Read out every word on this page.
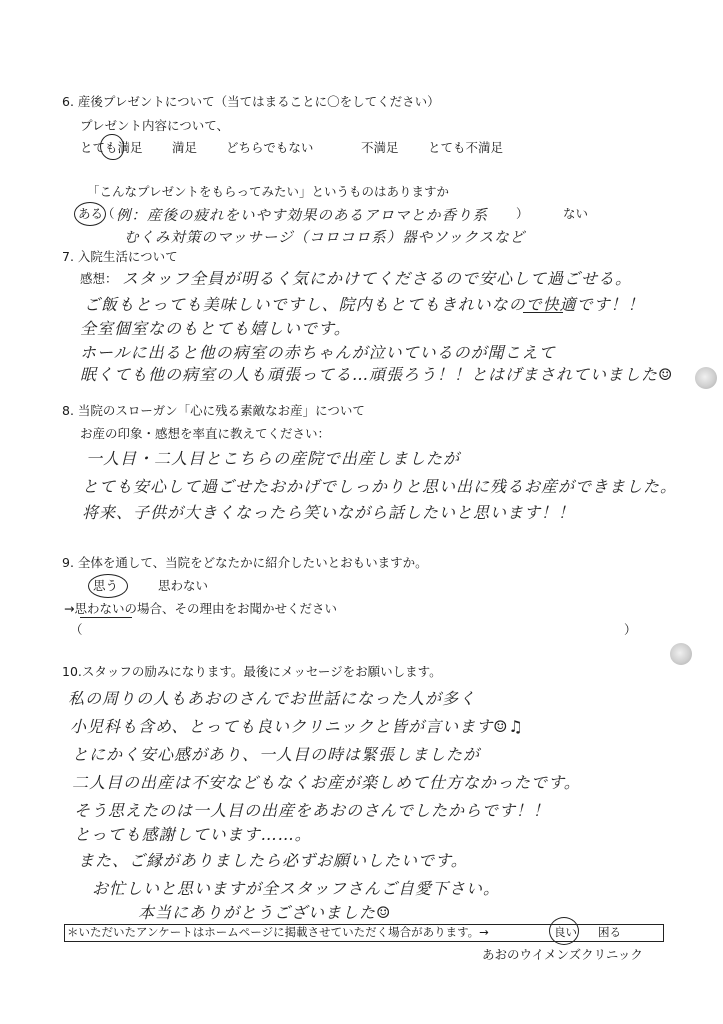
6. 産後プレゼントについて（当てはまることに〇をしてください）
プレゼント内容について、
とても満足 満足 どちらでもない	不満足 とても不満足
「こんなプレゼントをもらってみたい」というものはありますか
ある
（ 例：産後の疲れをいやす効果のあるアロマとか香り系
むくみ対策のマッサージ（コロコロ系）器やソックスなど
）	ない
7. 入院生活について
感想： スタッフ全員が明るく気にかけてくださるので安心して過ごせる。
ご飯もとっても美味しいですし、院内もとてもきれいなので快適です！！
全室個室なのもとても嬉しいです。
ホールに出ると他の病室の赤ちゃんが泣いているのが聞こえて
眠くても他の病室の人も頑張ってる…頑張ろう！！とはげまされていました☺
8. 当院のスローガン「心に残る素敵なお産」について
お産の印象・感想を率直に教えてください：
一人目・二人目とこちらの産院で出産しましたが
とても安心して過ごせたおかげでしっかりと思い出に残るお産ができました。
将来、子供が大きくなったら笑いながら話したいと思います！！
9. 全体を通して、当院をどなたかに紹介したいとおもいますか。
思う	思わない
→思わないの場合、その理由をお聞かせください
（	）
10.スタッフの励みになります。最後にメッセージをお願いします。
私の周りの人もあおのさんでお世話になった人が多く
小児科も含め、とっても良いクリニックと皆が言います☺♫
とにかく安心感があり、一人目の時は緊張しましたが
二人目の出産は不安などもなくお産が楽しめて仕方なかったです。
そう思えたのは一人目の出産をあおのさんでしたからです！！
とっても感謝しています……。
また、ご縁がありましたら必ずお願いしたいです。
お忙しいと思いますが全スタッフさんご自愛下さい。
本当にありがとうございました☺
＊いただいたアンケートはホームページに掲載させていただく場合があります。→	良い 困る
あおのウイメンズクリニック
